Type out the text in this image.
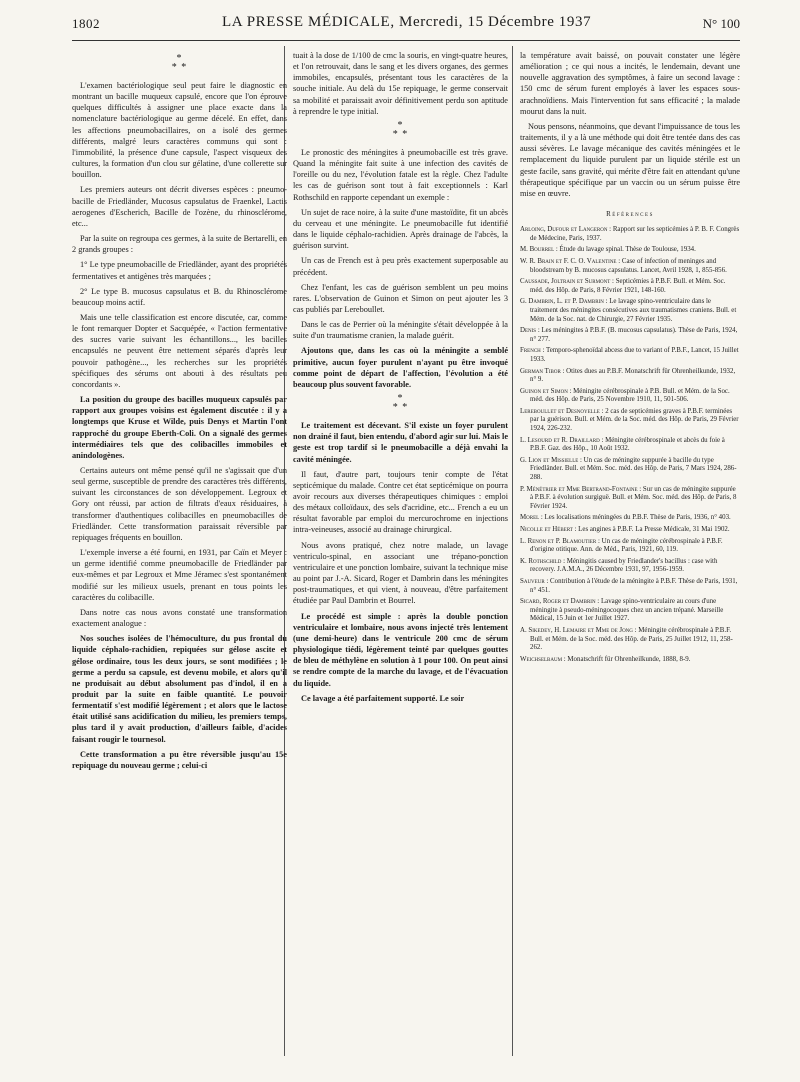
1802	LA PRESSE MÉDICALE, Mercredi, 15 Décembre 1937	N° 100
*
* *

L'examen bactériologique seul peut faire le diagnostic en montrant un bacille muqueux capsulé, encore que l'on éprouve quelques difficultés à assigner une place exacte dans la nomenclature bactériologique au germe décelé. En effet, dans les affections pneumobacillaires, on a isolé des germes différents, malgré leurs caractères communs qui sont : l'immobilité, la présence d'une capsule, l'aspect visqueux des cultures, la formation d'un clou sur gélatine, d'une collerette sur bouillon.

Les premiers auteurs ont décrit diverses espèces : pneumo-bacille de Friedländer, Mucosus capsulatus de Fraenkel, Lactis aerogenes d'Escherich, Bacille de l'ozène, du rhinosclérome, etc...

Par la suite on regroupa ces germes, à la suite de Bertarelli, en 2 grands groupes :

1° Le type pneumobacille de Friedländer, ayant des propriétés fermentatives et antigènes très marquées ;

2° Le type B. mucosus capsulatus et B. du Rhinosclérome beaucoup moins actif.

Mais une telle classification est encore discutée, car, comme le font remarquer Dopter et Sacquépée, « l'action fermentative des sucres varie suivant les échantillons..., les bacilles encapsulés ne peuvent être nettement séparés d'après leur pouvoir pathogène..., les recherches sur les propriétés spécifiques des sérums ont abouti à des résultats peu concordants ».

La position du groupe des bacilles muqueux capsulés par rapport aux groupes voisins est également discutée : il y a longtemps que Kruse et Wilde, puis Denys et Martin l'ont rapproché du groupe Eberth-Coli. On a signalé des germes intermédiaires tels que des colibacilles immobiles et anindologènes.

Certains auteurs ont même pensé qu'il ne s'agissait que d'un seul germe, susceptible de prendre des caractères très différents, suivant les circonstances de son développement. Legroux et Gory ont réussi, par action de filtrats d'eaux résiduaires, à transformer d'authentiques colibacilles en pneumobacilles de Friedländer. Cette transformation paraissait réversible par repiquages fréquents en bouillon.

L'exemple inverse a été fourni, en 1931, par Caïn et Meyer : un germe identifié comme pneumobacille de Friedländer par eux-mêmes et par Legroux et Mme Jéramec s'est spontanément modifié sur les milieux usuels, prenant en tous points les caractères du colibacille.

Dans notre cas nous avons constaté une transformation exactement analogue :

Nos souches isolées de l'hémoculture, du pus frontal du liquide céphalo-rachidien, repiquées sur gélose ascite et gélose ordinaire, tous les deux jours, se sont modifiées ; le germe a perdu sa capsule, est devenu mobile, et alors qu'il ne produisait au début absolument pas d'indol, il en a produit par la suite en faible quantité. Le pouvoir fermentatif s'est modifié légèrement ; et alors que le lactose était utilisé sans acidification du milieu, les premiers temps, plus tard il y avait production, d'ailleurs faible, d'acides faisant rougir le tournesol.

Cette transformation a pu être réversible jusqu'au 15e repiquage du nouveau germe ; celui-ci

tuait à la dose de 1/100 de cmc la souris, en vingt-quatre heures, et l'on retrouvait, dans le sang et les divers organes, des germes immobiles, encapsulés, présentant tous les caractères de la souche initiale. Au delà du 15e repiquage, le germe conservait sa mobilité et paraissait avoir définitivement perdu son aptitude à reprendre le type initial.

*
* *

Le pronostic des méningites à pneumobacille est très grave. Quand la méningite fait suite à une infection des cavités de l'oreille ou du nez, l'évolution fatale est la règle. Chez l'adulte les cas de guérison sont tout à fait exceptionnels : Karl Rothschild en rapporte cependant un exemple :

Un sujet de race noire, à la suite d'une mastoïdite, fit un abcès du cerveau et une méningite. Le pneumobacille fut identifié dans le liquide céphalo-rachidien. Après drainage de l'abcès, la guérison survint.

Un cas de French est à peu près exactement superposable au précédent.

Chez l'enfant, les cas de guérison semblent un peu moins rares. L'observation de Guinon et Simon on peut ajouter les 3 cas publiés par Lereboullet.

Dans le cas de Perrier où la méningite s'était développée à la suite d'un traumatisme cranien, la malade guérit.

Ajoutons que, dans les cas où la méningite a semblé primitive, aucun foyer purulent n'ayant pu être invoqué comme point de départ de l'affection, l'évolution a été beaucoup plus souvent favorable.

*
* *

Le traitement est décevant. S'il existe un foyer purulent non drainé il faut, bien entendu, d'abord agir sur lui. Mais le geste est trop tardif si le pneumobacille a déjà envahi la cavité méningée.

Il faut, d'autre part, toujours tenir compte de l'état septicémique du malade. Contre cet état septicémique on pourra avoir recours aux diverses thérapeutiques chimiques : emploi des métaux colloïdaux, des sels d'acridine, etc... French a eu un résultat favorable par emploi du mercurochrome en injections intra-veineuses, associé au drainage chirurgical.

Nous avons pratiqué, chez notre malade, un lavage ventriculo-spinal, en associant une trépano-ponction ventriculaire et une ponction lombaire, suivant la technique mise au point par J.-A. Sicard, Roger et Dambrin dans les méningites post-traumatiques, et qui vient, à nouveau, d'être parfaitement étudiée par Paul Dambrin et Bourrel.

Le procédé est simple : après la double ponction ventriculaire et lombaire, nous avons injecté très lentement (une demi-heure) dans le ventricule 200 cmc de sérum physiologique tiédi, légèrement teinté par quelques gouttes de bleu de méthylène en solution à 1 pour 100. On peut ainsi se rendre compte de la marche du lavage, et de l'évacuation du liquide.

Ce lavage a été parfaitement supporté. Le soir

la température avait baissé, on pouvait constater une légère amélioration ; ce qui nous a incités, le lendemain, devant une nouvelle aggravation des symptômes, à faire un second lavage : 150 cmc de sérum furent employés à laver les espaces sous-arachnoïdiens. Mais l'intervention fut sans efficacité ; la malade mourut dans la nuit.

Nous pensons, néanmoins, que devant l'impuissance de tous les traitements, il y a là une méthode qui doit être tentée dans des cas aussi sévères. Le lavage mécanique des cavités méningées et le remplacement du liquide purulent par un liquide stérile est un geste facile, sans gravité, qui mérite d'être fait en attendant qu'une thérapeutique spécifique par un vaccin ou un sérum puisse être mise en œuvre.

Références
Arloing, Dufour et Langeron : Rapport sur les septicémies à P. B. F. Congrès de Médecine, Paris, 1937.
M. Bourrel : Étude du lavage spinal. Thèse de Toulouse, 1934.
W. R. Brain et F. C. O. Valentine : Case of infection of meninges and bloodstream by B. mucosus capsulatus. Lancet, Avril 1928, 1, 855-856.
Caussade, Joltrain et Surmont : Septicémies à P.B.F. Bull. et Mém. Soc. méd. des Hôp. de Paris, 8 Février 1921, 148-160.
G. Dambrin, L. et P. Dambrin : Le lavage spino-ventriculaire dans le traitement des méningites consécutives aux traumatismes craniens. Bull. et Mém. de la Soc. nat. de Chirurgie, 27 Février 1935.
Denis : Les méningites à P.B.F. (B. mucosus capsulatus). Thèse de Paris, 1924, n° 277.
French : Temporo-sphenoïdal abcess due to variant of P.B.F., Lancet, 15 Juillet 1933.
German Tibor : Otites dues au P.B.F. Monatschrift für Ohrenheilkunde, 1932, n° 9.
Guinon et Simon : Méningite cérébrospinale à P.B. Bull. et Mém. de la Soc. méd. des Hôp. de Paris, 25 Novembre 1910, 11, 501-506.
Lereboullet et Desnoyelle : 2 cas de septicémies graves à P.B.F. terminées par la guérison. Bull. et Mém. de la Soc. méd. des Hôp. de Paris, 29 Février 1924, 226-232.
L. Lesourd et R. Draillard : Méningite cérébrospinale et abcès du foie à P.B.F. Gaz. des Hôp., 10 Août 1932.
G. Lion et Missielle : Un cas de méningite suppurée à bacille du type Friedländer. Bull. et Mém. Soc. méd. des Hôp. de Paris, 7 Mars 1924, 286-288.
P. Ménétrier et Mme Bertrand-Fontaine : Sur un cas de méningite suppurée à P.B.F. à évolution surgiguë. Bull. et Mém. Soc. méd. des Hôp. de Paris, 8 Février 1924.
Morel : Les localisations méningées du P.B.F. Thèse de Paris, 1936, n° 403.
Nicolle et Hébert : Les angines à P.B.F. La Presse Médicale, 31 Mai 1902.
L. Renon et P. Blamoutier : Un cas de méningite cérébrospinale à P.B.F. d'origine otitique. Ann. de Méd., Paris, 1921, 60, 119.
K. Rothschild : Méningitis caused by Friedlander's bacillus : case with recovery. J.A.M.A., 26 Décembre 1931, 97, 1956-1959.
Sauveur : Contribution à l'étude de la méningite à P.B.F. Thèse de Paris, 1931, n° 451.
Sicard, Roger et Dambrin : Lavage spino-ventriculaire au cours d'une méningite à pseudo-méningocoques chez un ancien trépané. Marseille Médical, 15 Juin et 1er Juillet 1927.
A. Sikedey, H. Lemaire et Mme de Jong : Méningite cérébrospinale à P.B.F. Bull. et Mém. de la Soc. méd. des Hôp. de Paris, 25 Juillet 1912, 11, 258-262.
Weichselbaum : Monatschrift für Ohrenheilkunde, 1888, 8-9.
